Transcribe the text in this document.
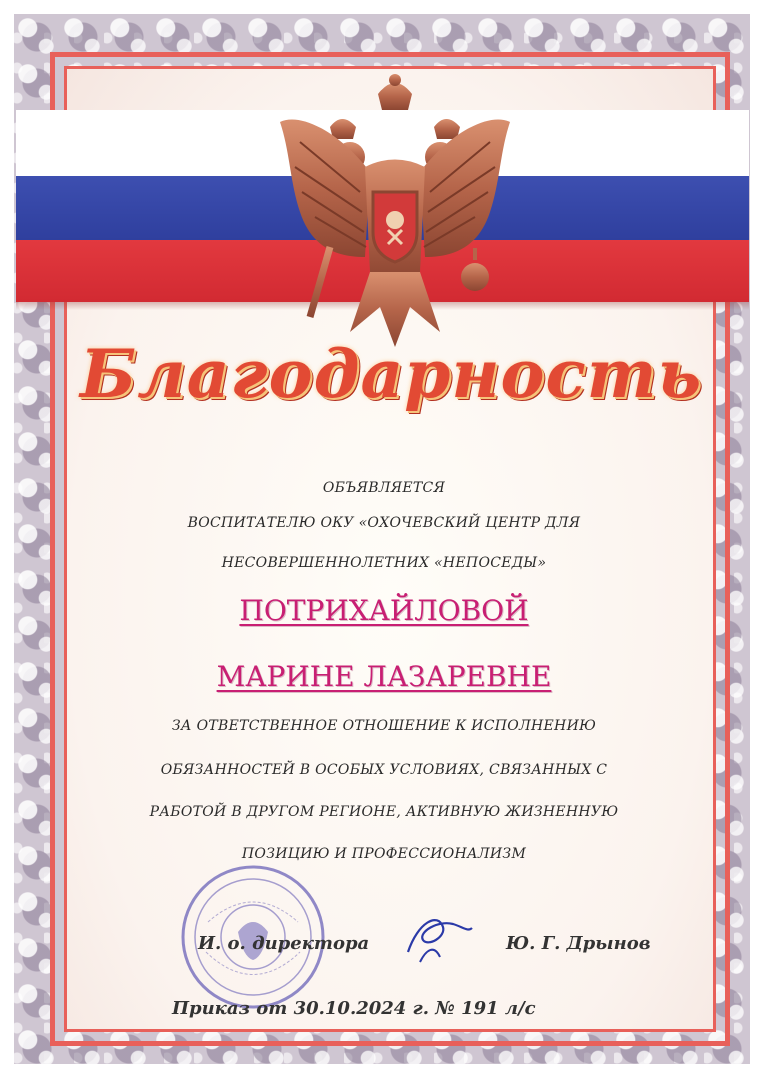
Благодарность
ОБЪЯВЛЯЕТСЯ
ВОСПИТАТЕЛЮ ОКУ «ОХОЧЕВСКИЙ ЦЕНТР ДЛЯ
НЕСОВЕРШЕННОЛЕТНИХ «НЕПОСЕДЫ»
ПОТРИХАЙЛОВОЙ
МАРИНЕ ЛАЗАРЕВНЕ
ЗА ОТВЕТСТВЕННОЕ ОТНОШЕНИЕ К ИСПОЛНЕНИЮ
ОБЯЗАННОСТЕЙ В ОСОБЫХ УСЛОВИЯХ, СВЯЗАННЫХ С
РАБОТОЙ В ДРУГОМ РЕГИОНЕ, АКТИВНУЮ ЖИЗНЕННУЮ
ПОЗИЦИЮ И ПРОФЕССИОНАЛИЗМ
И. о. директора	Ю. Г. Дрынов
Приказ от 30.10.2024 г. № 191 л/с
